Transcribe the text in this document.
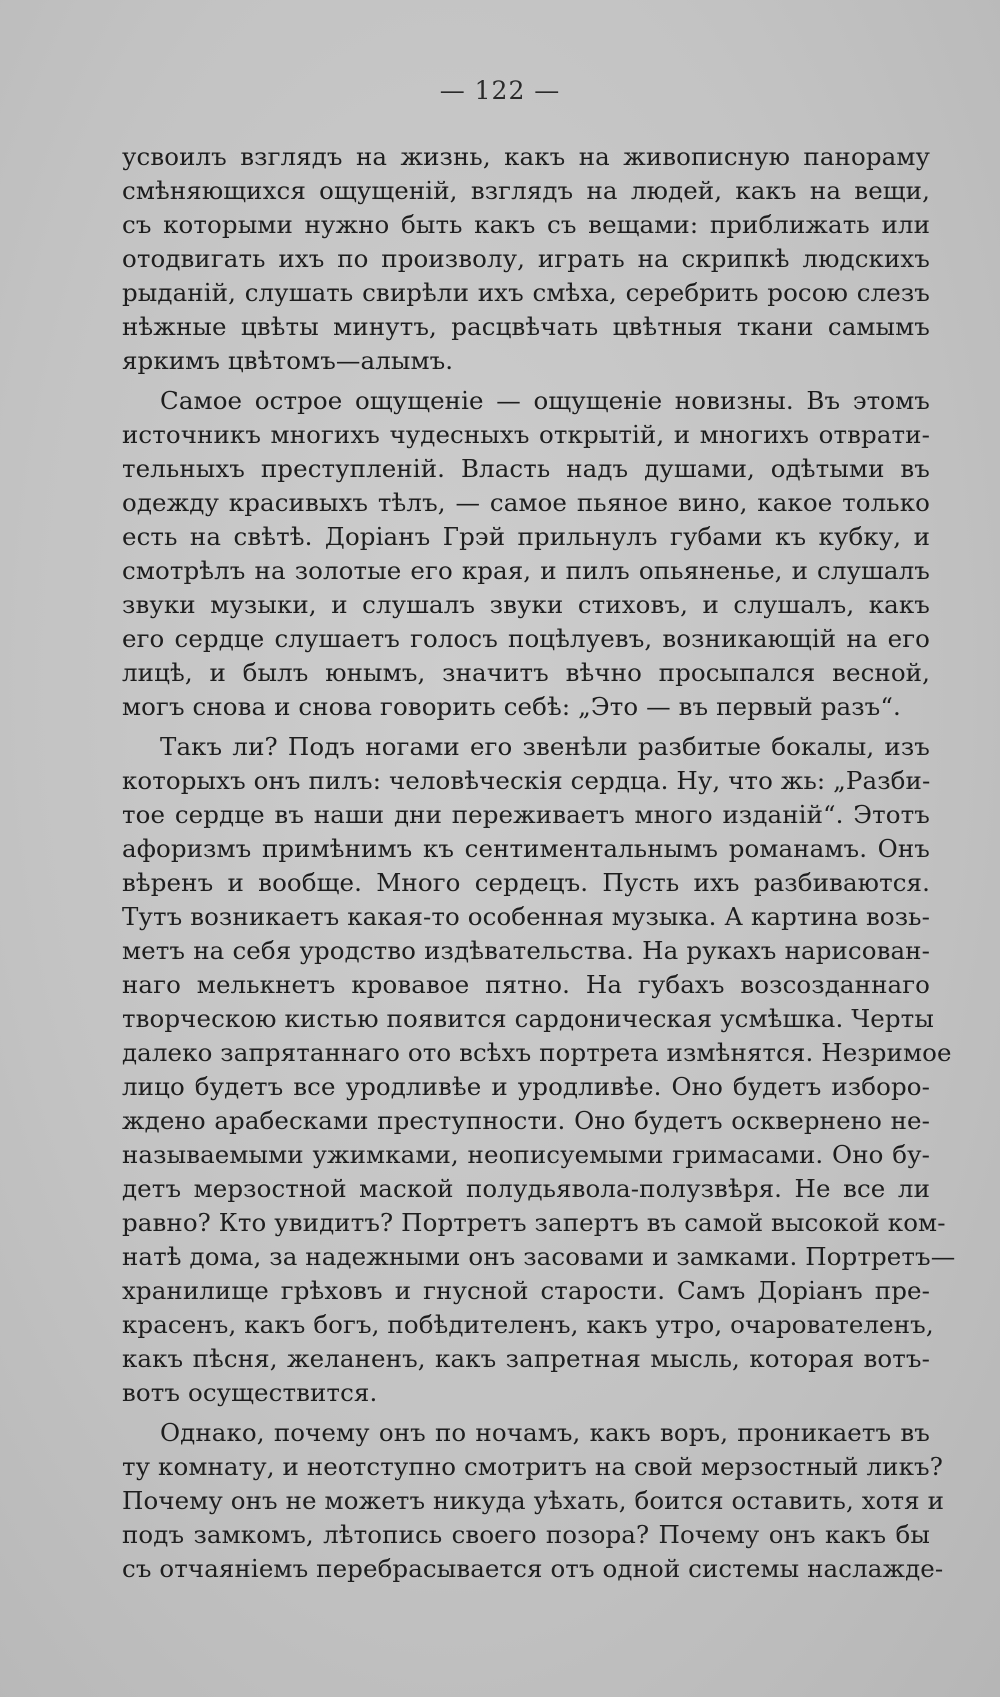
— 122 —
усвоилъ взглядъ на жизнь, какъ на живописную панораму
смѣняющихся ощущеній, взглядъ на людей, какъ на вещи,
съ которыми нужно быть какъ съ вещами: приближать или
отодвигать ихъ по произволу, играть на скрипкѣ людскихъ
рыданій, слушать свирѣли ихъ смѣха, серебрить росою слезъ
нѣжные цвѣты минутъ, расцвѣчать цвѣтныя ткани самымъ
яркимъ цвѣтомъ—алымъ.
Самое острое ощущеніе — ощущеніе новизны. Въ этомъ
источникъ многихъ чудесныхъ открытій, и многихъ отврати-
тельныхъ преступленій. Власть надъ душами, одѣтыми въ
одежду красивыхъ тѣлъ, — самое пьяное вино, какое только
есть на свѣтѣ. Доріанъ Грэй прильнулъ губами къ кубку, и
смотрѣлъ на золотые его края, и пилъ опьяненье, и слушалъ
звуки музыки, и слушалъ звуки стиховъ, и слушалъ, какъ
его сердце слушаетъ голосъ поцѣлуевъ, возникающій на его
лицѣ, и былъ юнымъ, значитъ вѣчно просыпался весной,
могъ снова и снова говорить себѣ: „Это — въ первый разъ“.
Такъ ли? Подъ ногами его звенѣли разбитые бокалы, изъ
которыхъ онъ пилъ: человѣческія сердца. Ну, что жь: „Разби-
тое сердце въ наши дни переживаетъ много изданій“. Этотъ
афоризмъ примѣнимъ къ сентиментальнымъ романамъ. Онъ
вѣренъ и вообще. Много сердецъ. Пусть ихъ разбиваются.
Тутъ возникаетъ какая-то особенная музыка. А картина возь-
метъ на себя уродство издѣвательства. На рукахъ нарисован-
наго мелькнетъ кровавое пятно. На губахъ возсозданнаго
творческою кистью появится сардоническая усмѣшка. Черты
далеко запрятаннаго ото всѣхъ портрета измѣнятся. Незримое
лицо будетъ все уродливѣе и уродливѣе. Оно будетъ изборо-
ждено арабесками преступности. Оно будетъ осквернено не-
называемыми ужимками, неописуемыми гримасами. Оно бу-
детъ мерзостной маской полудьявола-полузвѣря. Не все ли
равно? Кто увидитъ? Портретъ запертъ въ самой высокой ком-
натѣ дома, за надежными онъ засовами и замками. Портретъ—
хранилище грѣховъ и гнусной старости. Самъ Доріанъ пре-
красенъ, какъ богъ, побѣдителенъ, какъ утро, очарователенъ,
какъ пѣсня, желаненъ, какъ запретная мысль, которая вотъ-
вотъ осуществится.
Однако, почему онъ по ночамъ, какъ воръ, проникаетъ въ
ту комнату, и неотступно смотритъ на свой мерзостный ликъ?
Почему онъ не можетъ никуда уѣхать, боится оставить, хотя и
подъ замкомъ, лѣтопись своего позора? Почему онъ какъ бы
съ отчаяніемъ перебрасывается отъ одной системы наслажде-
